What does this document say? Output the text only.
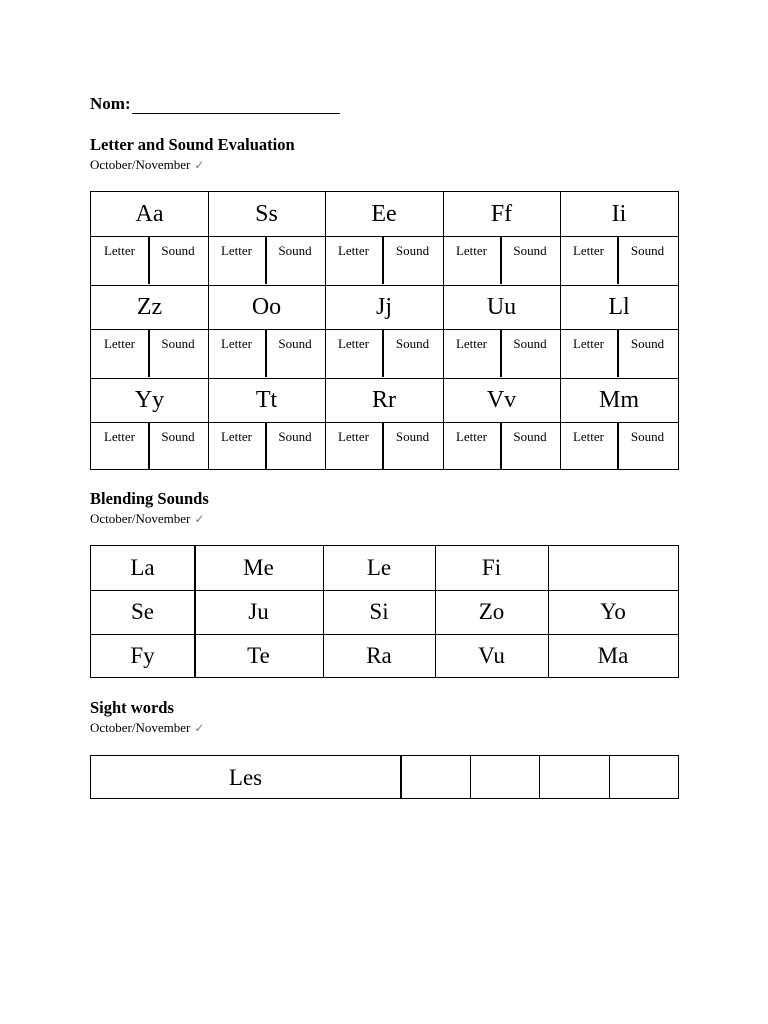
Nom:
Letter and Sound Evaluation
October/November ✓
Aa	Ss	Ee	Ff	Ii
Letter	Sound	Letter	Sound	Letter	Sound	Letter	Sound	Letter	Sound
Zz	Oo	Jj	Uu	Ll
Letter	Sound	Letter	Sound	Letter	Sound	Letter	Sound	Letter	Sound
Yy	Tt	Rr	Vv	Mm
Letter	Sound	Letter	Sound	Letter	Sound	Letter	Sound	Letter	Sound
Blending Sounds
October/November ✓
La	Me	Le	Fi
Se	Ju	Si	Zo	Yo
Fy	Te	Ra	Vu	Ma
Sight words
October/November ✓
Les
